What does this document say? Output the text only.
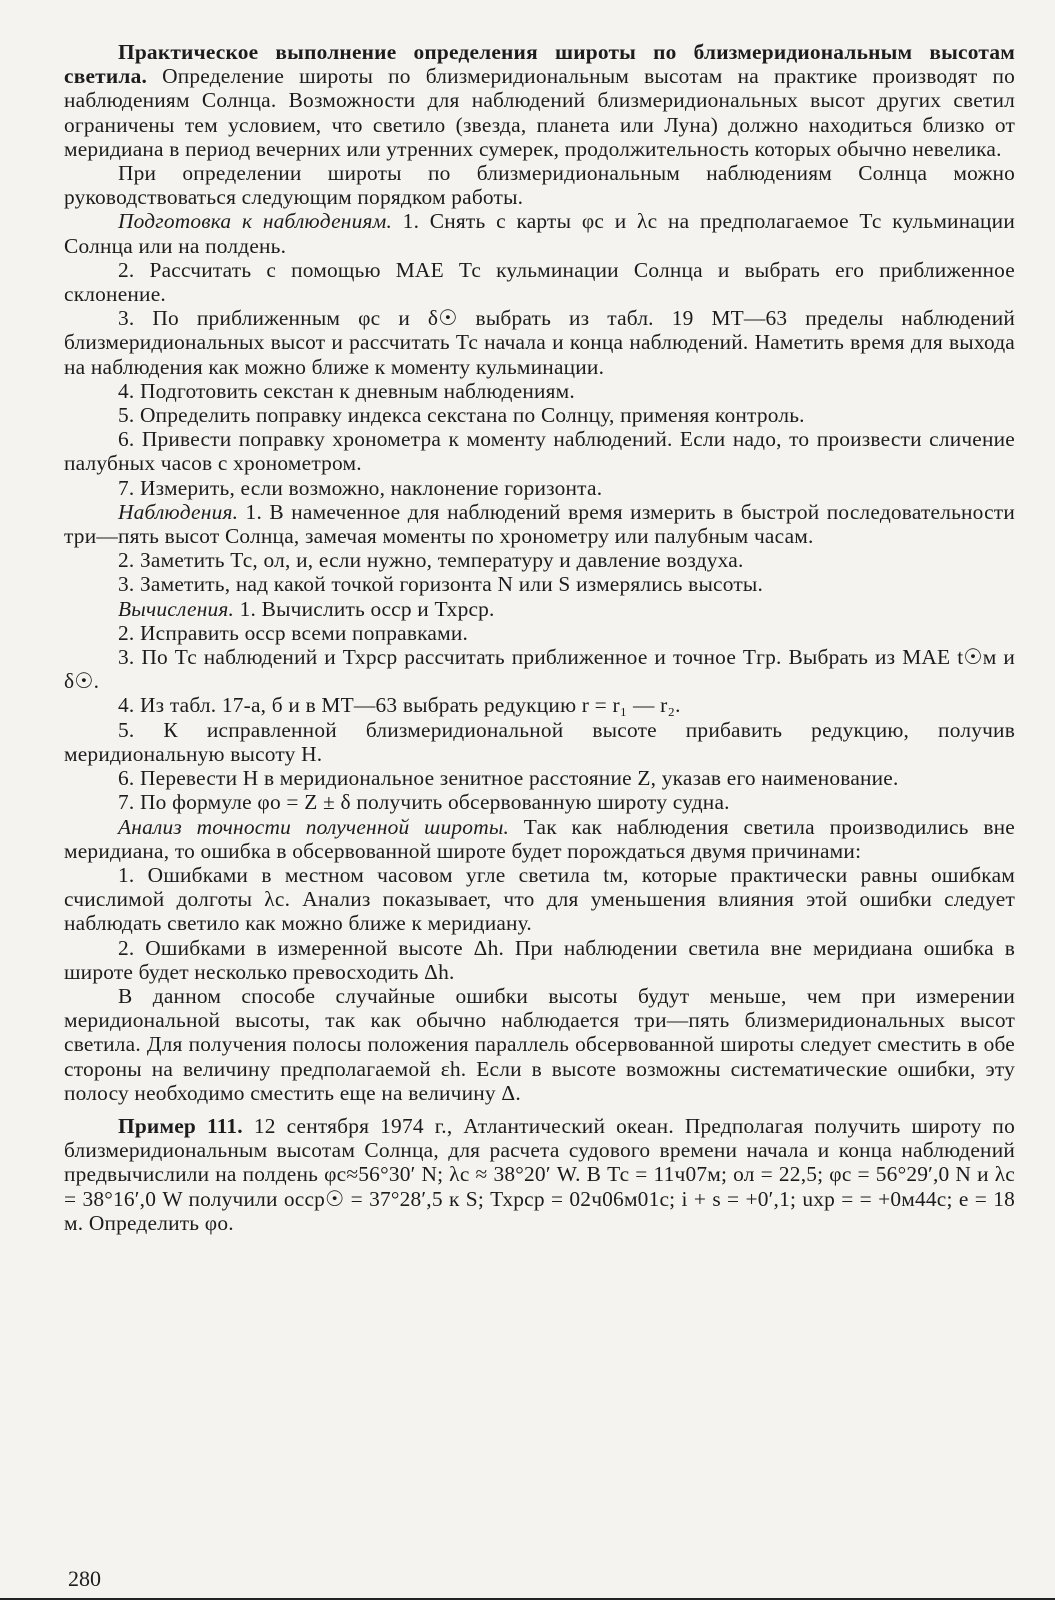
Практическое выполнение определения широты по близмеридиональным высотам светила. Определение широты по близмеридиональным высотам на практике производят по наблюдениям Солнца. Возможности для наблюдений близмеридиональных высот других светил ограничены тем условием, что светило (звезда, планета или Луна) должно находиться близко от меридиана в период вечерних или утренних сумерек, продолжительность которых обычно невелика.

При определении широты по близмеридиональным наблюдениям Солнца можно руководствоваться следующим порядком работы.

Подготовка к наблюдениям. 1. Снять с карты φс и λс на предполагаемое Тс кульминации Солнца или на полдень.

2. Рассчитать с помощью МАЕ Тс кульминации Солнца и выбрать его приближенное склонение.

3. По приближенным φс и δ☉ выбрать из табл. 19 МТ—63 пределы наблюдений близмеридиональных высот и рассчитать Тс начала и конца наблюдений. Наметить время для выхода на наблюдения как можно ближе к моменту кульминации.

4. Подготовить секстан к дневным наблюдениям.

5. Определить поправку индекса секстана по Солнцу, применяя контроль.

6. Привести поправку хронометра к моменту наблюдений. Если надо, то произвести сличение палубных часов с хронометром.

7. Измерить, если возможно, наклонение горизонта.

Наблюдения. 1. В намеченное для наблюдений время измерить в быстрой последовательности три—пять высот Солнца, замечая моменты по хронометру или палубным часам.

2. Заметить Тс, ол, и, если нужно, температуру и давление воздуха.

3. Заметить, над какой точкой горизонта N или S измерялись высоты.

Вычисления. 1. Вычислить ocср и Тхрср.

2. Исправить ocср всеми поправками.

3. По Тс наблюдений и Тхрср рассчитать приближенное и точное Тгр. Выбрать из МАЕ t☉м и δ☉.

4. Из табл. 17-а, б и в МТ—63 выбрать редукцию r = r₁ — r₂.

5. К исправленной близмеридиональной высоте прибавить редукцию, получив меридиональную высоту H.

6. Перевести H в меридиональное зенитное расстояние Z, указав его наименование.

7. По формуле φо = Z ± δ получить обсервованную широту судна.

Анализ точности полученной широты. Так как наблюдения светила производились вне меридиана, то ошибка в обсервованной широте будет порождаться двумя причинами:

1. Ошибками в местном часовом угле светила tм, которые практически равны ошибкам счислимой долготы λс. Анализ показывает, что для уменьшения влияния этой ошибки следует наблюдать светило как можно ближе к меридиану.

2. Ошибками в измеренной высоте Δh. При наблюдении светила вне меридиана ошибка в широте будет несколько превосходить Δh.

В данном способе случайные ошибки высоты будут меньше, чем при измерении меридиональной высоты, так как обычно наблюдается три—пять близмеридиональных высот светила. Для получения полосы положения параллель обсервованной широты следует сместить в обе стороны на величину предполагаемой εh. Если в высоте возможны систематические ошибки, эту полосу необходимо сместить еще на величину Δ.

Пример 111. 12 сентября 1974 г., Атлантический океан. Предполагая получить широту по близмеридиональным высотам Солнца, для расчета судового времени начала и конца наблюдений предвычислили на полдень φс≈56°30′ N; λс ≈ 38°20′ W. В Тс = 11ч07м; ол = 22,5; φс = 56°29′,0 N и λс = 38°16′,0 W получили ocср☉ = 37°28′,5 к S; Тхрср = 02ч06м01с; i + s = +0′,1; uхр = = +0м44с; e = 18 м. Определить φо.

280
